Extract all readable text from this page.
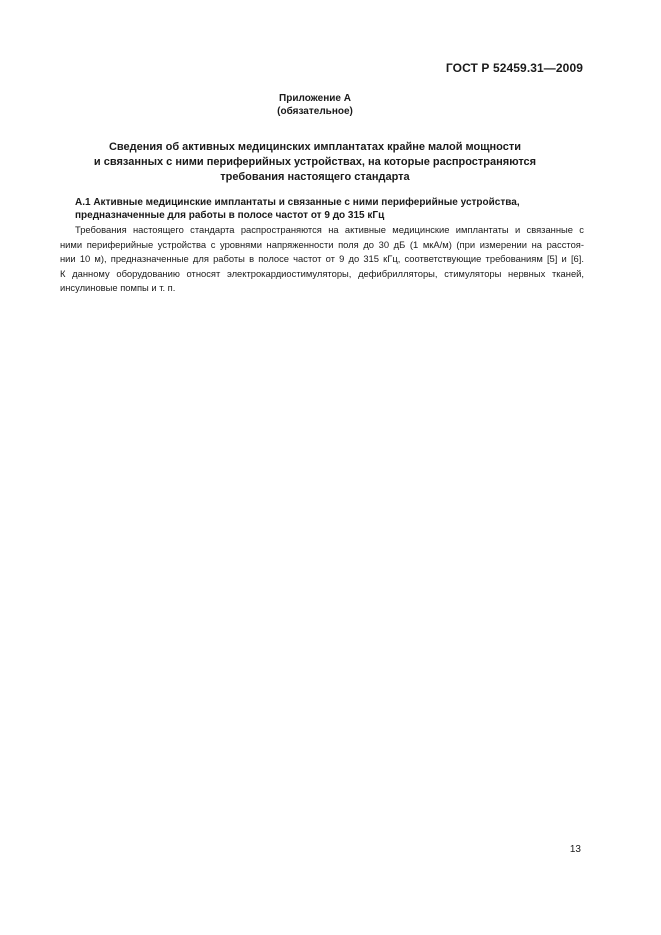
ГОСТ Р 52459.31—2009
Приложение А
(обязательное)
Сведения об активных медицинских имплантатах крайне малой мощности
и связанных с ними периферийных устройствах, на которые распространяются
требования настоящего стандарта
А.1 Активные медицинские имплантаты и связанные с ними периферийные устройства,
предназначенные для работы в полосе частот от 9 до 315 кГц
Требования настоящего стандарта распространяются на активные медицинские имплантаты и связанные с
ними периферийные устройства с уровнями напряженности поля до 30 дБ (1 мкА/м) (при измерении на расстоя-
нии 10 м), предназначенные для работы в полосе частот от 9 до 315 кГц, соответствующие требованиям [5] и [6].
К данному оборудованию относят электрокардиостимуляторы, дефибрилляторы, стимуляторы нервных тканей,
инсулиновые помпы и т. п.
13
